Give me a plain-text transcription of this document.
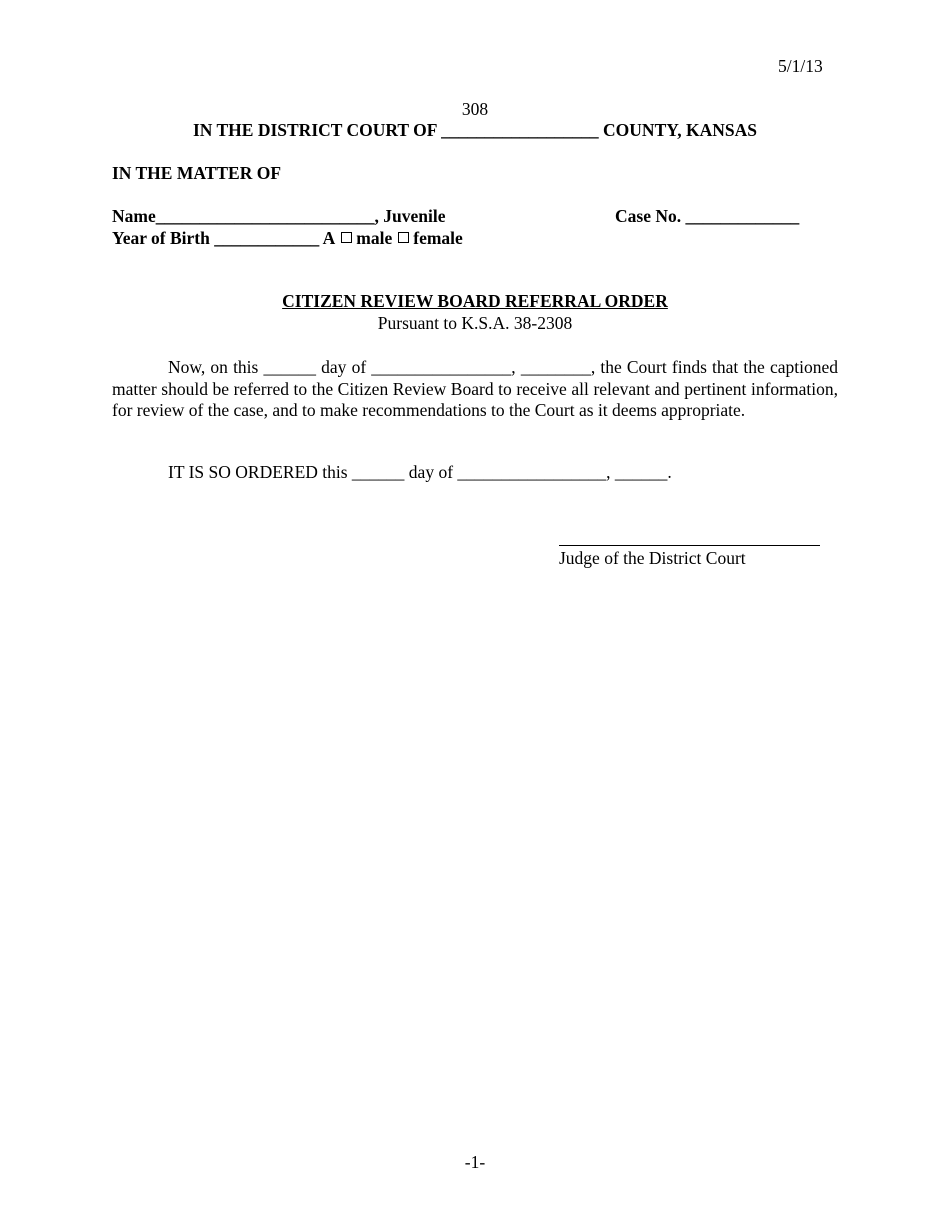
5/1/13
308
IN THE DISTRICT COURT OF __________________ COUNTY, KANSAS
IN THE MATTER OF
Name_________________________, Juvenile	Case No. _____________
Year of Birth ____________ A male female
CITIZEN REVIEW BOARD REFERRAL ORDER
Pursuant to K.S.A. 38-2308
Now, on this ______ day of ________________, ________, the Court finds that the captioned matter should be referred to the Citizen Review Board to receive all relevant and pertinent information, for review of the case, and to make recommendations to the Court as it deems appropriate.
IT IS SO ORDERED this ______ day of _________________, ______.
Judge of the District Court
-1-
